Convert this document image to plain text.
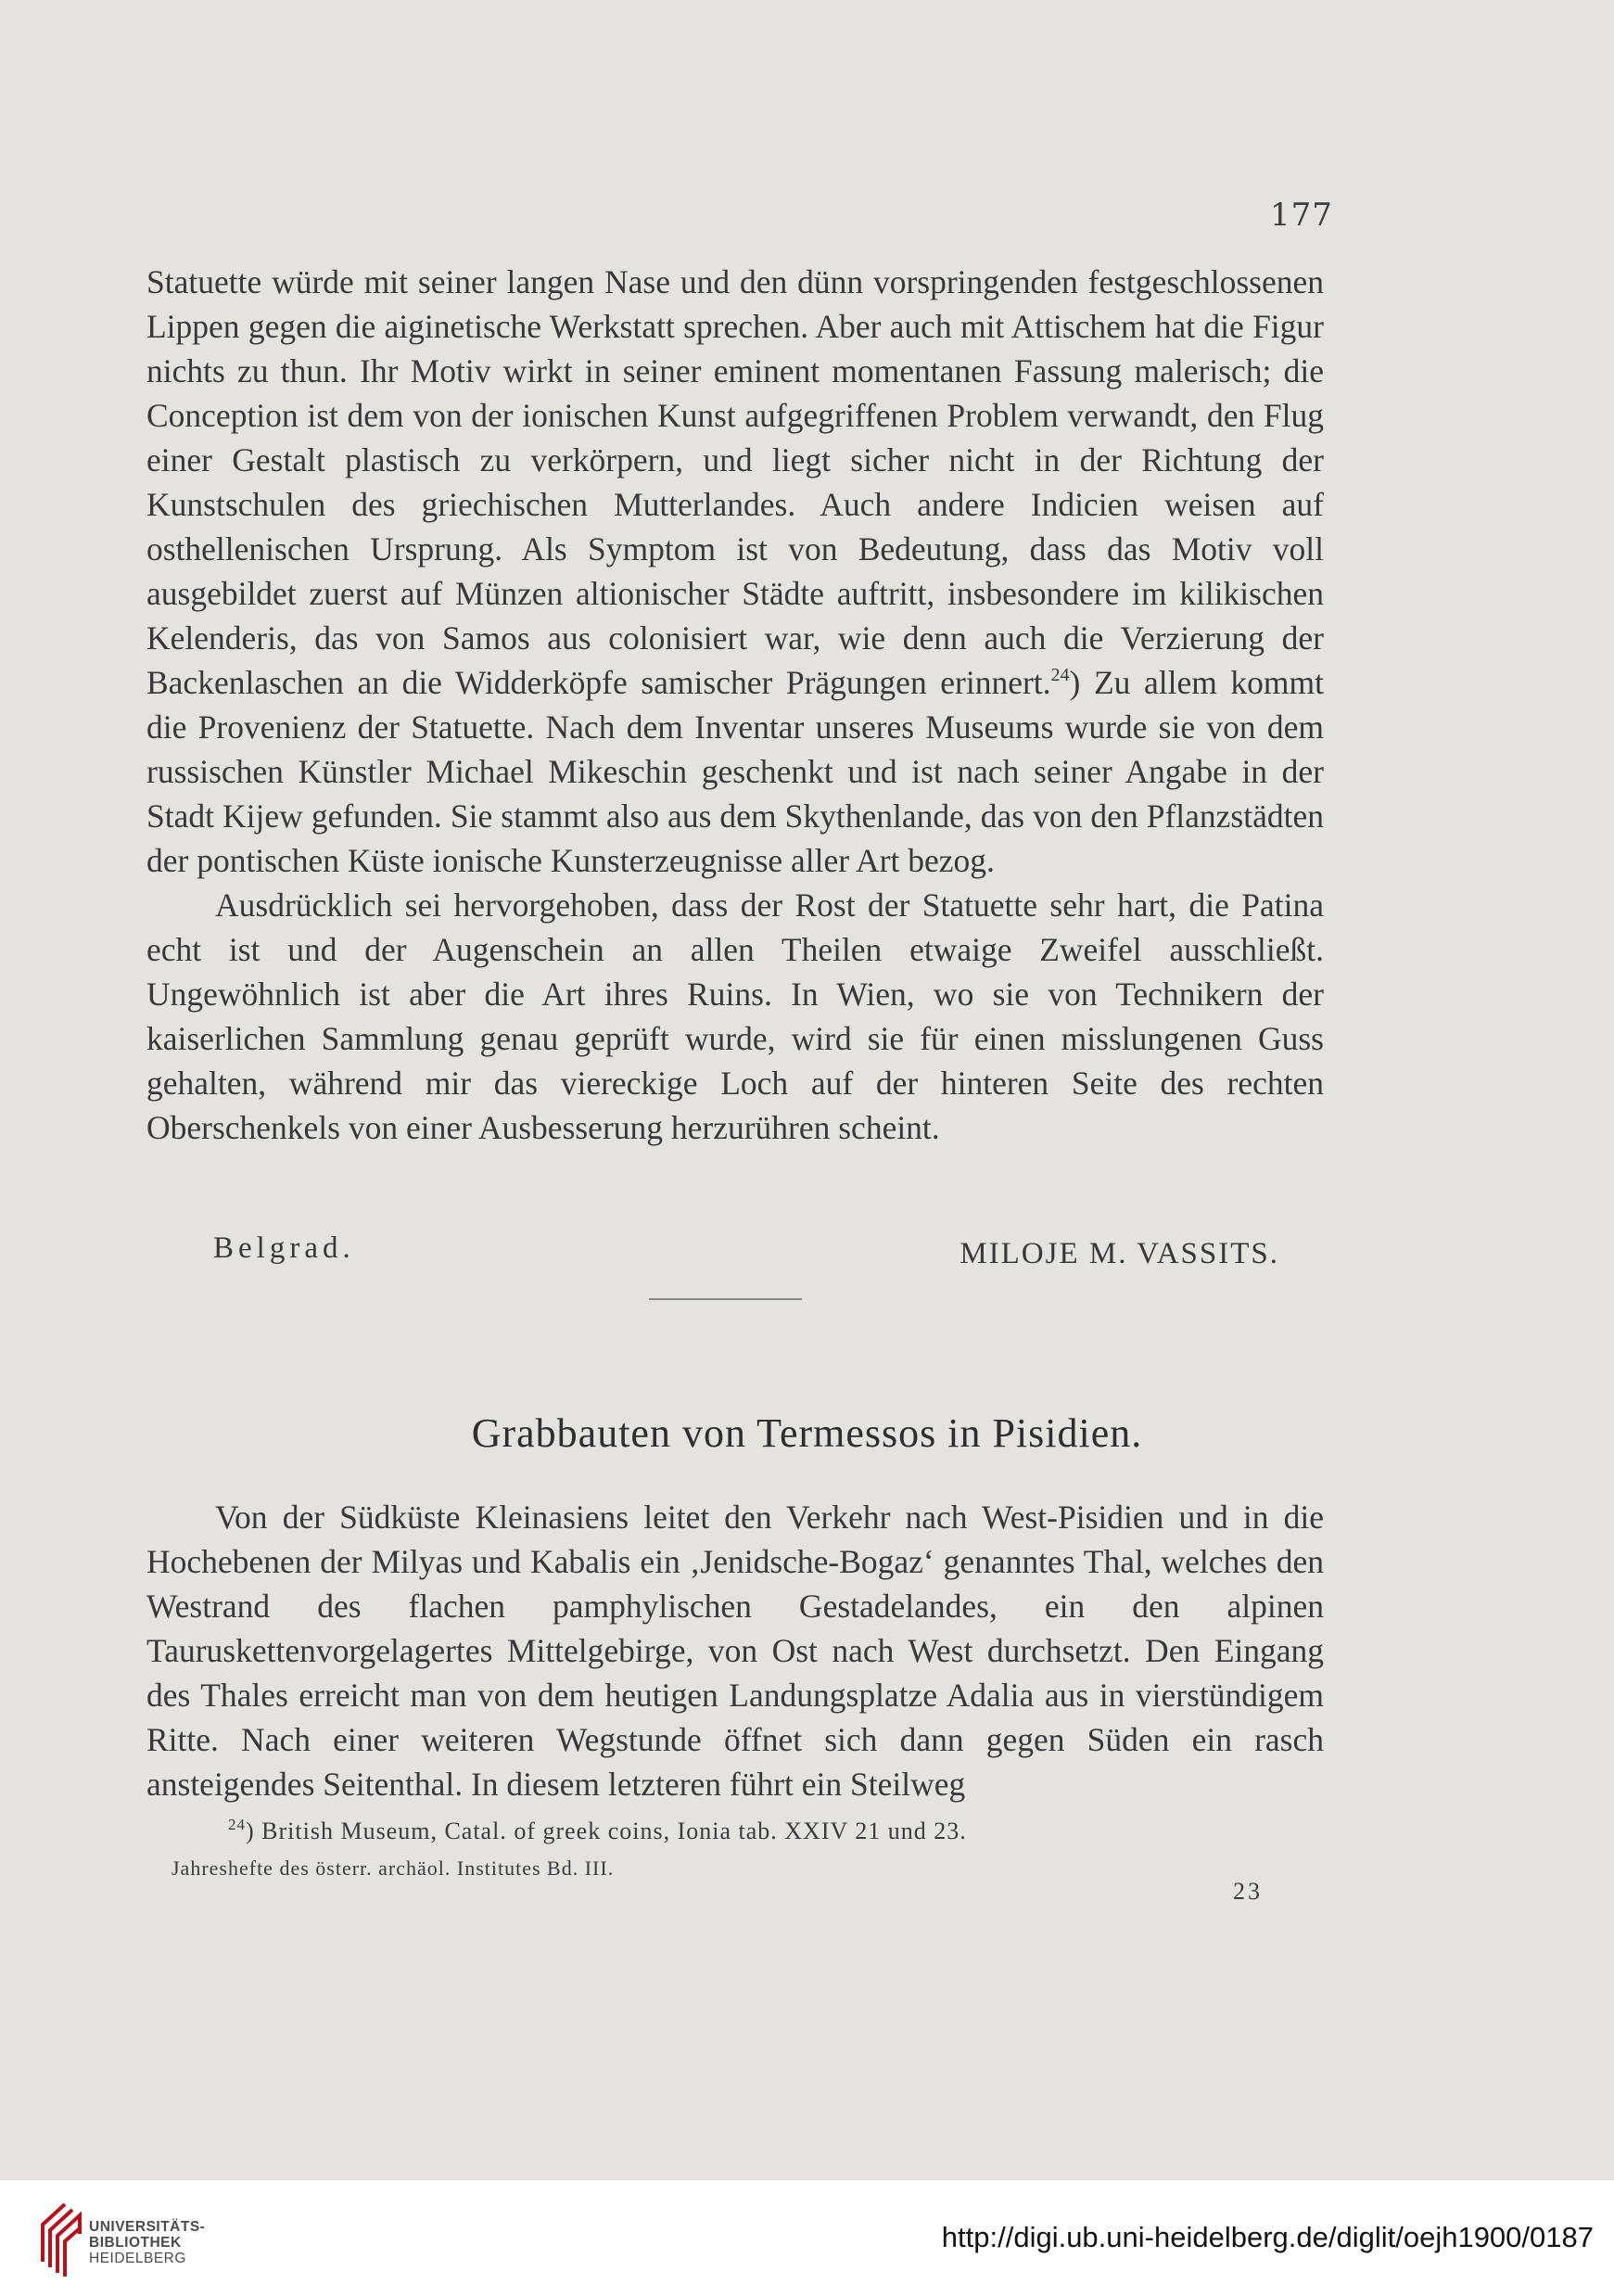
177

Statuette würde mit seiner langen Nase und den dünn vorspringenden festgeschlossenen Lippen gegen die aiginetische Werkstatt sprechen. Aber auch mit Attischem hat die Figur nichts zu thun. Ihr Motiv wirkt in seiner eminent momentanen Fassung malerisch; die Conception ist dem von der ionischen Kunst aufgegriffenen Problem verwandt, den Flug einer Gestalt plastisch zu verkörpern, und liegt sicher nicht in der Richtung der Kunstschulen des griechischen Mutterlandes. Auch andere Indicien weisen auf osthellenischen Ursprung. Als Symptom ist von Bedeutung, dass das Motiv voll ausgebildet zuerst auf Münzen altionischer Städte auftritt, insbesondere im kilikischen Kelenderis, das von Samos aus colonisiert war, wie denn auch die Verzierung der Backenlaschen an die Widderköpfe samischer Prägungen erinnert.$^{24}$) Zu allem kommt die Provenienz der Statuette. Nach dem Inventar unseres Museums wurde sie von dem russischen Künstler Michael Mikeschin geschenkt und ist nach seiner Angabe in der Stadt Kijew gefunden. Sie stammt also aus dem Skythenlande, das von den Pflanzstädten der pontischen Küste ionische Kunsterzeugnisse aller Art bezog.

Ausdrücklich sei hervorgehoben, dass der Rost der Statuette sehr hart, die Patina echt ist und der Augenschein an allen Theilen etwaige Zweifel ausschließt. Ungewöhnlich ist aber die Art ihres Ruins. In Wien, wo sie von Technikern der kaiserlichen Sammlung genau geprüft wurde, wird sie für einen misslungenen Guss gehalten, während mir das viereckige Loch auf der hinteren Seite des rechten Oberschenkels von einer Ausbesserung herzurühren scheint.

Belgrad.	MILOJE M. VASSITS.
Grabbauten von Termessos in Pisidien.

Von der Südküste Kleinasiens leitet den Verkehr nach West-Pisidien und in die Hochebenen der Milyas und Kabalis ein ‚Jenidsche-Bogaz‘ genanntes Thal, welches den Westrand des flachen pamphylischen Gestadelandes, ein den alpinen Tauruskettenvorgelagertes Mittelgebirge, von Ost nach West durchsetzt. Den Eingang des Thales erreicht man von dem heutigen Landungsplatze Adalia aus in vierstündigem Ritte. Nach einer weiteren Wegstunde öffnet sich dann gegen Süden ein rasch ansteigendes Seitenthal. In diesem letzteren führt ein Steilweg

$^{24}$) British Museum, Catal. of greek coins, Ionia tab. XXIV 21 und 23.
Jahreshefte des österr. archäol. Institutes Bd. III.
23
UNIVERSITÄTS-
BIBLIOTHEK
HEIDELBERG
http://digi.ub.uni-heidelberg.de/diglit/oejh1900/0187
